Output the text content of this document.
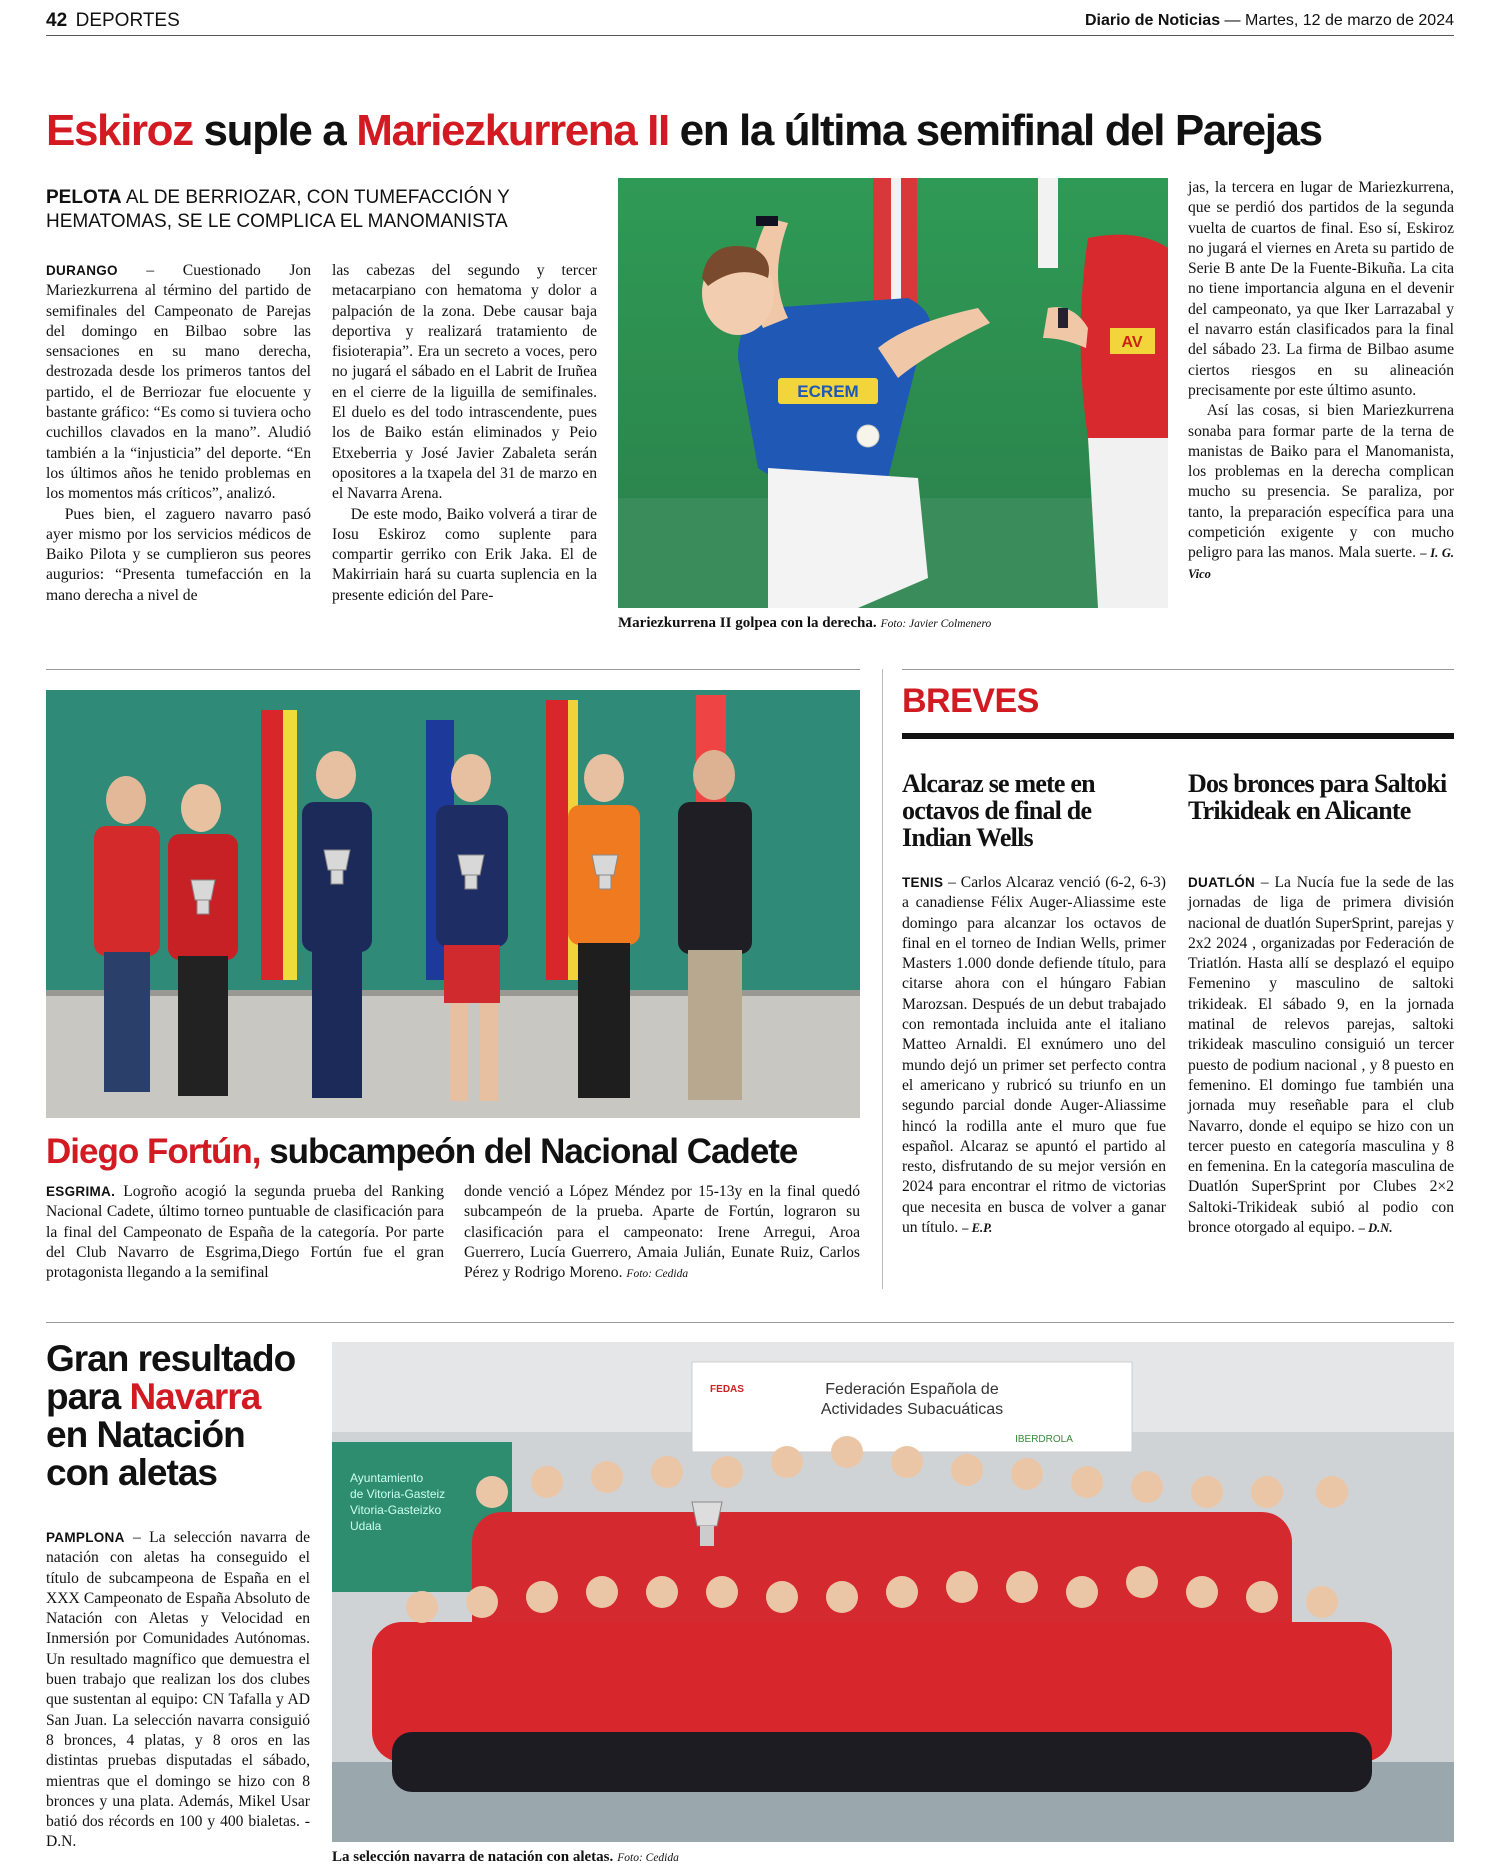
42 DEPORTES	Diario de Noticias — Martes, 12 de marzo de 2024
Eskiroz suple a Mariezkurrena II en la última semifinal del Parejas
PELOTA AL DE BERRIOZAR, CON TUMEFACCIÓN Y HEMATOMAS, SE LE COMPLICA EL MANOMANISTA

DURANGO – Cuestionado Jon Mariezkurrena al término del partido de semifinales del Campeonato de Parejas del domingo en Bilbao sobre las sensaciones en su mano derecha, destrozada desde los primeros tantos del partido, el de Berriozar fue elocuente y bastante gráfico: “Es como si tuviera ocho cuchillos clavados en la mano”. Aludió también a la “injusticia” del deporte. “En los últimos años he tenido problemas en los momentos más críticos”, analizó.

Pues bien, el zaguero navarro pasó ayer mismo por los servicios médicos de Baiko Pilota y se cumplieron sus peores augurios: “Presenta tumefacción en la mano derecha a nivel de

las cabezas del segundo y tercer metacarpiano con hematoma y dolor a palpación de la zona. Debe causar baja deportiva y realizará tratamiento de fisioterapia”. Era un secreto a voces, pero no jugará el sábado en el Labrit de Iruñea en el cierre de la liguilla de semifinales. El duelo es del todo intrascendente, pues los de Baiko están eliminados y Peio Etxeberria y José Javier Zabaleta serán opositores a la txapela del 31 de marzo en el Navarra Arena.

De este modo, Baiko volverá a tirar de Iosu Eskiroz como suplente para compartir gerriko con Erik Jaka. El de Makirriain hará su cuarta suplencia en la presente edición del Pare-

ECREM
AV
Mariezkurrena II golpea con la derecha. Foto: Javier Colmenero

jas, la tercera en lugar de Mariezkurrena, que se perdió dos partidos de la segunda vuelta de cuartos de final. Eso sí, Eskiroz no jugará el viernes en Areta su partido de Serie B ante De la Fuente-Bikuña. La cita no tiene importancia alguna en el devenir del campeonato, ya que Iker Larrazabal y el navarro están clasificados para la final del sábado 23. La firma de Bilbao asume ciertos riesgos en su alineación precisamente por este último asunto.

Así las cosas, si bien Mariezkurrena sonaba para formar parte de la terna de manistas de Baiko para el Manomanista, los problemas en la derecha complican mucho su presencia. Se paraliza, por tanto, la preparación específica para una competición exigente y con mucho peligro para las manos. Mala suerte. – I. G. Vico

Diego Fortún, subcampeón del Nacional Cadete

ESGRIMA. Logroño acogió la segunda prueba del Ranking Nacional Cadete, último torneo puntuable de clasificación para la final del Campeonato de España de la categoría. Por parte del Club Navarro de Esgrima,Diego Fortún fue el gran protagonista llegando a la semifinal

donde venció a López Méndez por 15-13y en la final quedó subcampeón de la prueba. Aparte de Fortún, lograron su clasificación para el campeonato: Irene Arregui, Aroa Guerrero, Lucía Guerrero, Amaia Julián, Eunate Ruiz, Carlos Pérez y Rodrigo Moreno. Foto: Cedida

BREVES
Alcaraz se mete en octavos de final de Indian Wells

TENIS – Carlos Alcaraz venció (6-2, 6-3) a canadiense Félix Auger-Aliassime este domingo para alcanzar los octavos de final en el torneo de Indian Wells, primer Masters 1.000 donde defiende título, para citarse ahora con el húngaro Fabian Marozsan. Después de un debut trabajado con remontada incluida ante el italiano Matteo Arnaldi. El exnúmero uno del mundo dejó un primer set perfecto contra el americano y rubricó su triunfo en un segundo parcial donde Auger-Aliassime hincó la rodilla ante el muro que fue español. Alcaraz se apuntó el partido al resto, disfrutando de su mejor versión en 2024 para encontrar el ritmo de victorias que necesita en busca de volver a ganar un título. – E.P.

Dos bronces para Saltoki Trikideak en Alicante

DUATLÓN – La Nucía fue la sede de las jornadas de liga de primera división nacional de duatlón SuperSprint, parejas y 2x2 2024 , organizadas por Federación de Triatlón. Hasta allí se desplazó el equipo Femenino y masculino de saltoki trikideak. El sábado 9, en la jornada matinal de relevos parejas, saltoki trikideak masculino consiguió un tercer puesto de podium nacional , y 8 puesto en femenino. El domingo fue también una jornada muy reseñable para el club Navarro, donde el equipo se hizo con un tercer puesto en categoría masculina y 8 en femenina. En la categoría masculina de Duatlón SuperSprint por Clubes 2×2 Saltoki-Trikideak subió al podio con bronce otorgado al equipo. – D.N.

Gran resultado
para Navarra
en Natación
con aletas

PAMPLONA – La selección navarra de natación con aletas ha conseguido el título de subcampeona de España en el XXX Campeonato de España Absoluto de Natación con Aletas y Velocidad en Inmersión por Comunidades Autónomas. Un resultado magnífico que demuestra el buen trabajo que realizan los dos clubes que sustentan al equipo: CN Tafalla y AD San Juan. La selección navarra consiguió 8 bronces, 4 platas, y 8 oros en las distintas pruebas disputadas el sábado, mientras que el domingo se hizo con 8 bronces y una plata. Además, Mikel Usar batió dos récords en 100 y 400 bialetas. - D.N.

Federación Española de
Actividades Subacuáticas
FEDAS
IBERDROLA
Ayuntamiento
de Vitoria-Gasteiz
Vitoria-Gasteizko
Udala
La selección navarra de natación con aletas. Foto: Cedida
